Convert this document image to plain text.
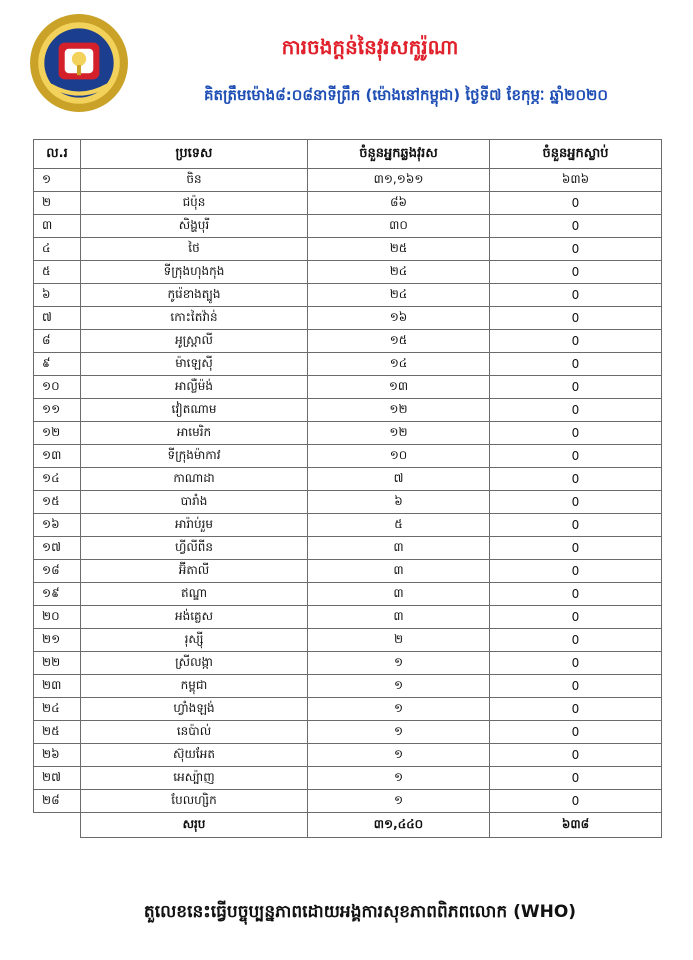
ការចងក្តន់នៃវុរសកូរ៉ូណា
គិតត្រឹមម៉ោង៨:០៨នាទីព្រឹក (ម៉ោងនៅកម្ពុជា) ថ្ងៃទី៧ ខែកុម្ភៈ ឆ្នាំ២០២០
ល.រ	ប្រទេស	ចំនួនអ្នកឆ្លងវុរស	ចំនួនអ្នកស្លាប់
១	ចិន	៣១,១៦១	៦៣៦
២	ជប៉ុន	៨៦	0
៣	សិង្ហបុរី	៣០	0
៤	ថៃ	២៥	0
៥	ទីក្រុងហុងកុង	២៤	0
៦	កូរ៉េខាងត្បូង	២៤	0
៧	កោះតៃវ៉ាន់	១៦	0
៨	អូស្ត្រាលី	១៥	0
៩	ម៉ាឡេស៊ី	១៤	0
១០	អាល្លឺម៉ង់	១៣	0
១១	វៀតណាម	១២	0
១២	អាមេរិក	១២	0
១៣	ទីក្រុងម៉ាកាវ	១០	0
១៤	កាណាដា	៧	0
១៥	បារាំង	៦	0
១៦	អារ៉ាប់រួម	៥	0
១៧	ហ្វីលីពីន	៣	0
១៨	អ៊ីតាលី	៣	0
១៩	ឥណ្ឌា	៣	0
២០	អង់គ្លេស	៣	0
២១	រុស្ស៊ី	២	0
២២	ស្រីលង្កា	១	0
២៣	កម្ពុជា	១	0
២៤	ហ្វាំងឡង់	១	0
២៥	នេប៉ាល់	១	0
២៦	ស៊ុយអែត	១	0
២៧	អេស្ប៉ាញ	១	0
២៨	បែលហ្សិក	១	0
	សរុប	៣១,៤៤០	៦៣៨
តួលេខនេះធ្វើបច្ចុប្បន្នភាពដោយអង្គការសុខភាពពិភពលោក (WHO)
